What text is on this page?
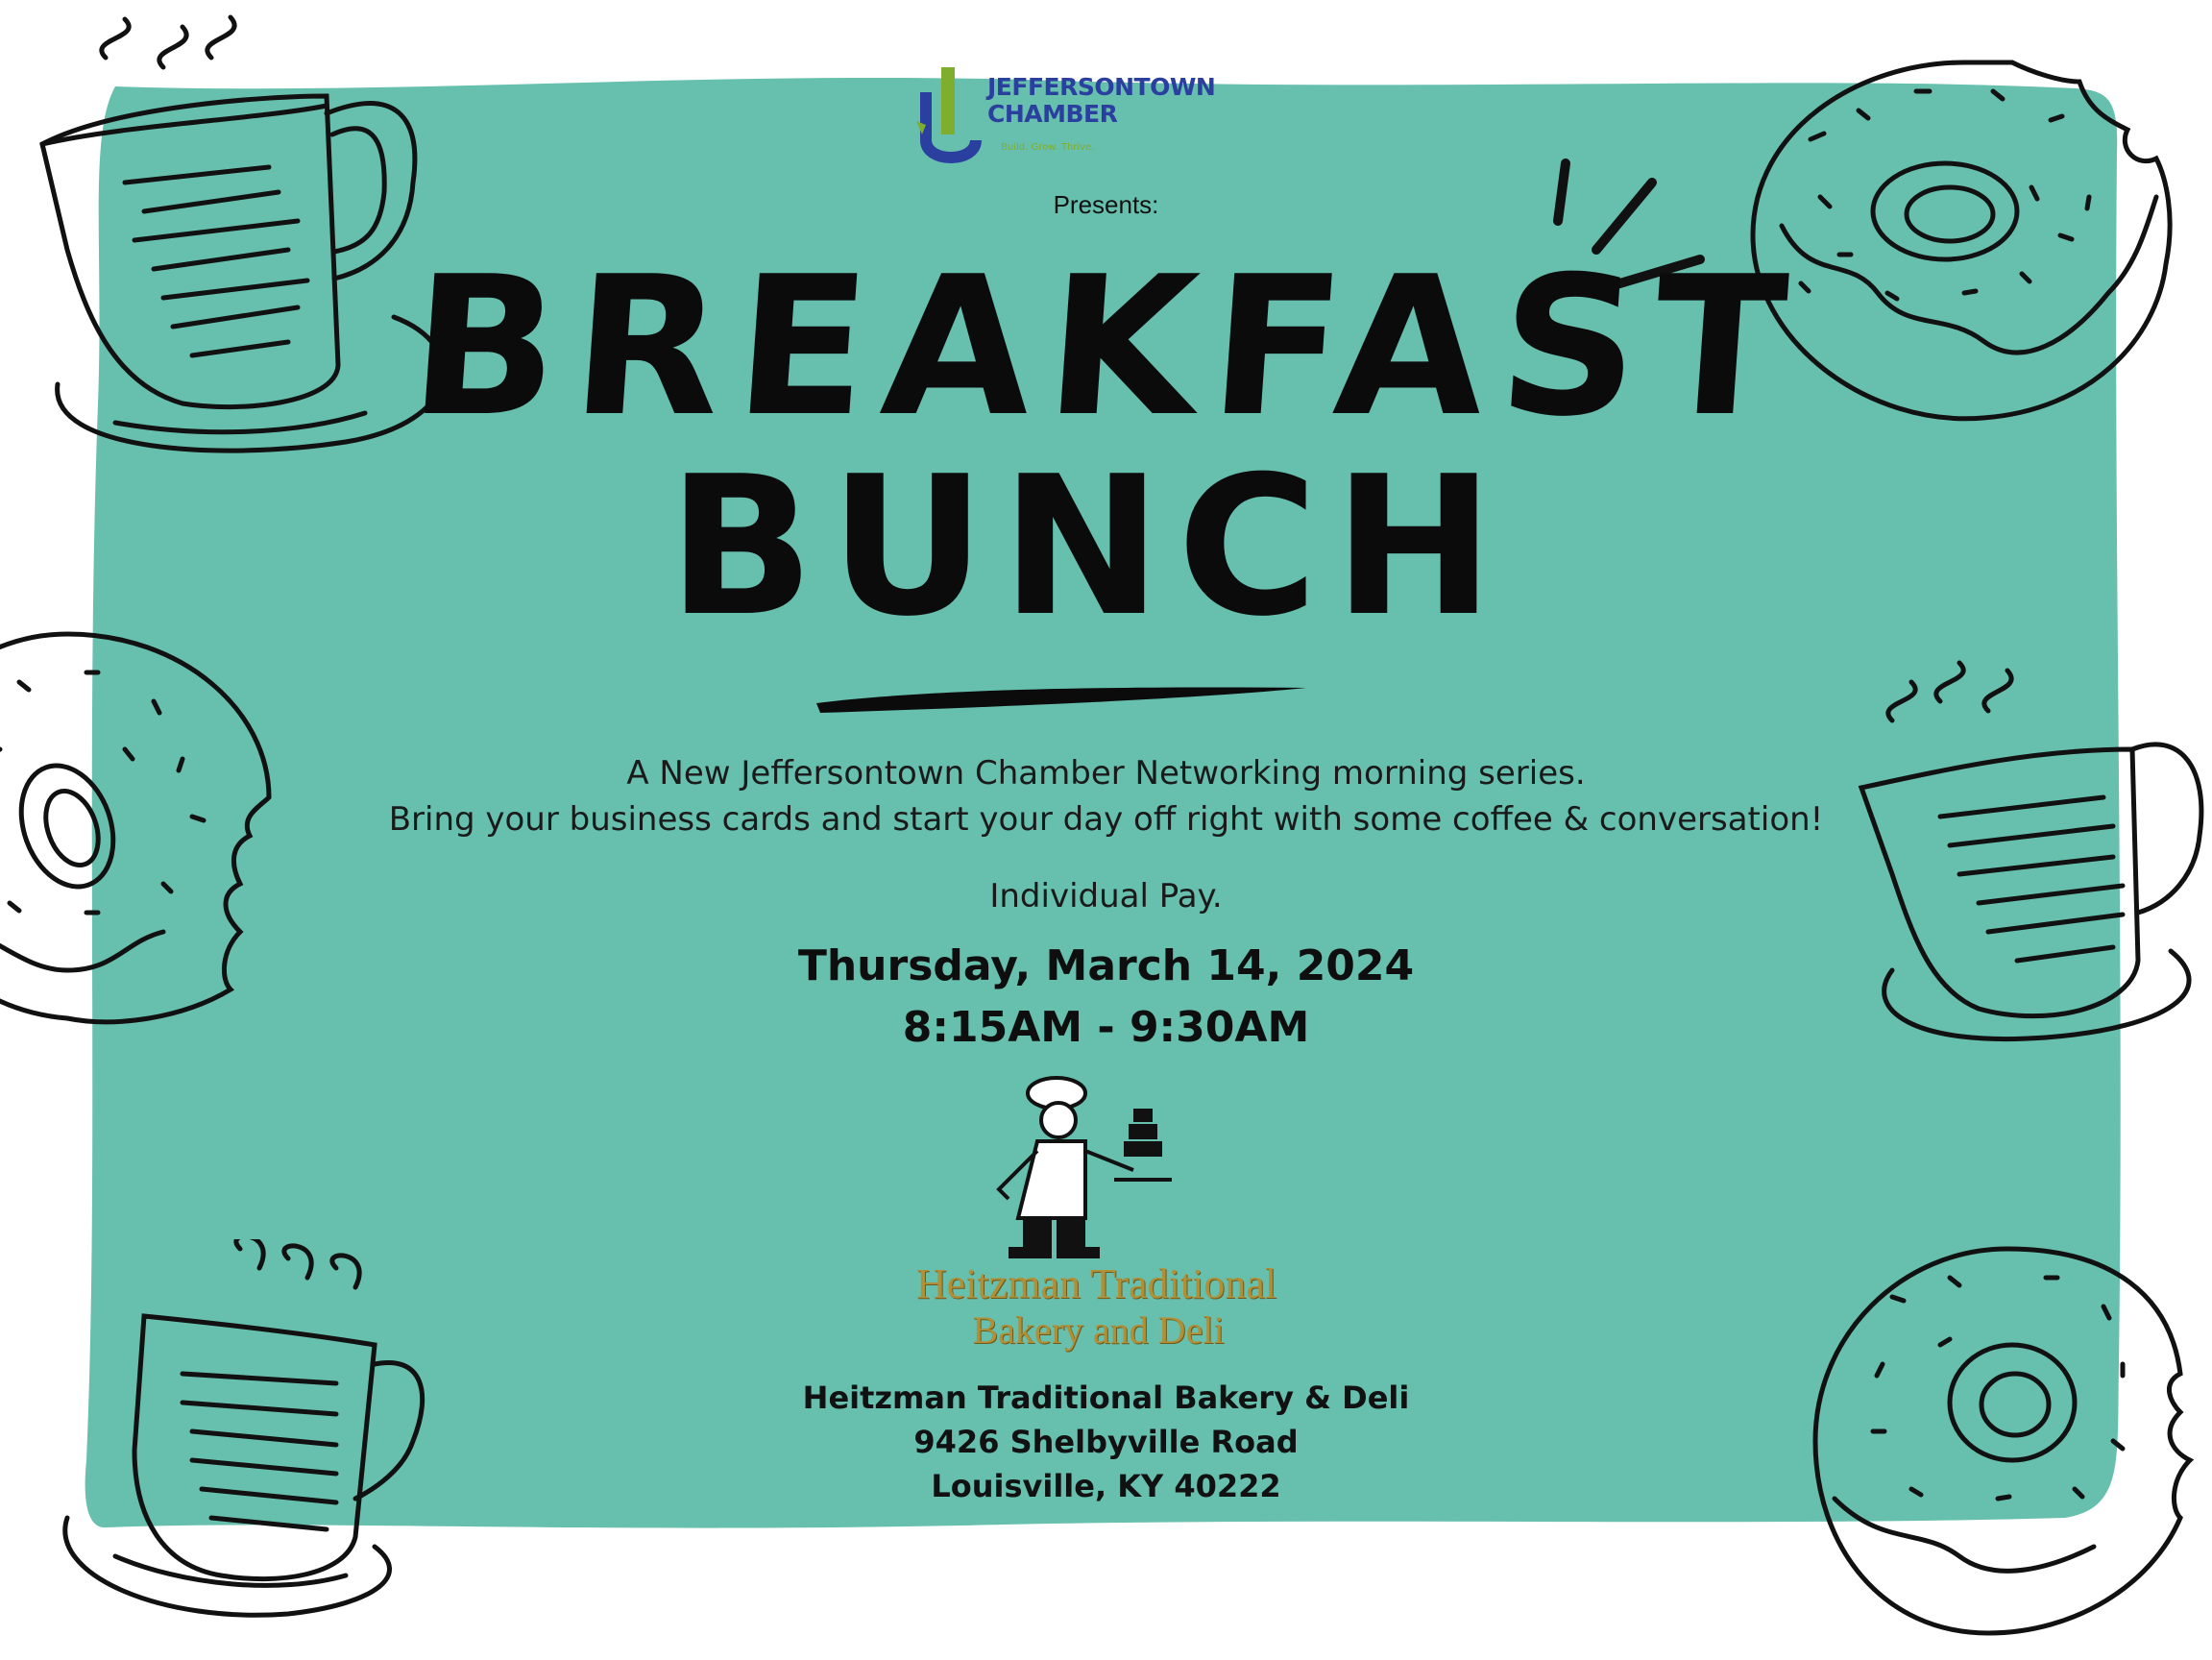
JEFFERSONTOWN
CHAMBER
Build. Grow. Thrive.
Presents:
BREAKFAST
BUNCH
A New Jeffersontown Chamber Networking morning series.
Bring your business cards and start your day off right with some coffee & conversation!
Individual Pay.
Thursday, March 14, 2024
8:15AM - 9:30AM
Heitzman Traditional
Bakery and Deli
Heitzman Traditional Bakery & Deli
9426 Shelbyville Road
Louisville, KY 40222
